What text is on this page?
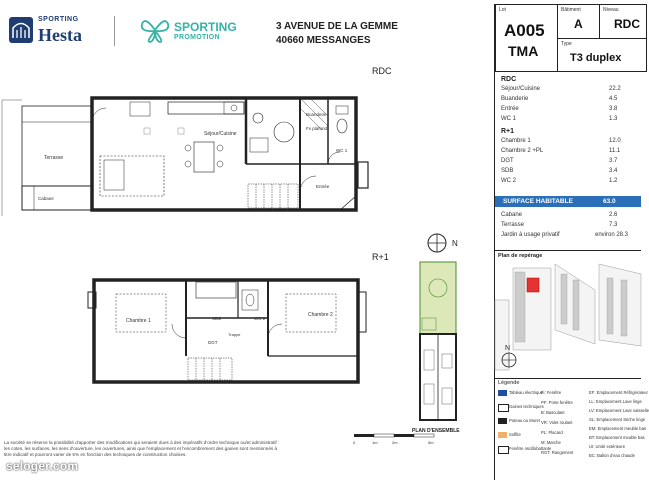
SPORTING
Hesta	SPORTING
PROMOTION
3 AVENUE DE LA GEMME
40660 MESSANGES
RDC
Terrasse
Cabane
Séjour/Cuisine
Buanderie
Fx plafond
WC 1
Entrée
R+1
Chambre 1
Chambre 2
SDB	WC 2
DGT
Trappe
N
PLAN D'ENSEMBLE
0	1m	2m	5m
Lot
A005
TMA
Bâtiment
A
Niveau
RDC
Type
T3 duplex
RDC
Séjour/Cuisine	22.2
Buanderie	4.5
Entrée	3.8
WC 1	1.3
R+1
Chambre 1	12.0
Chambre 2 +PL	11.1
DGT	3.7
SDB	3.4
WC 2	1.2
SURFACE HABITABLE	63.0
Cabane	2.6
Terrasse	7.3
Jardin à usage privatif	environ 28.3
Plan de repérage
N
Légende
Tableau électrique
Gaines techniques
Poteau ou Muret
Soffite
Fenêtre oscillobattante
Fi: Fenêtre
PF: Porte fenêtre
B: Basculant
VR: Volet roulant
PL: Placard
M: Marche
RGT: Rangement
EF: Emplacement Réfrigérateur
LL: Emplacement Lave linge
LV: Emplacement Lave vaisselle
SL: Emplacement Sèche linge
EM: Emplacement meuble bas
BT: Emplacement meuble bas
UI: Unité extérieure
BC: Ballon d'eau chaude
La société se réserve la possibilité d'apporter des modifications qui seraient dues à des impératifs d'ordre technique ou/et administratif :
les cotes, les surfaces, les sens d'ouverture, les ouvertures, ainsi que l'emplacement et l'encombrement des gaines sont mentionnés à
titre indicatif et pourront varier de 5% en fonction des techniques de construction choisies.
seloger.com
